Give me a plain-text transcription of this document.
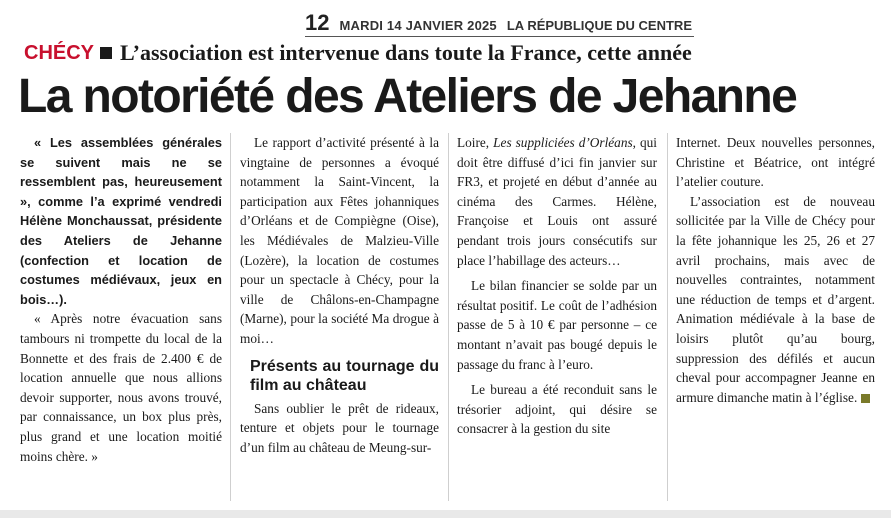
12 MARDI 14 JANVIER 2025 LA RÉPUBLIQUE DU CENTRE
CHÉCY L’association est intervenue dans toute la France, cette année
La notoriété des Ateliers de Jehanne

« Les assemblées générales se suivent mais ne se ressemblent pas, heureusement », comme l’a exprimé vendredi Hélène Monchaussat, présidente des Ateliers de Jehanne (confection et location de costumes médiévaux, jeux en bois…).

« Après notre évacuation sans tambours ni trompette du local de la Bonnette et des frais de 2.400 € de location annuelle que nous allions devoir supporter, nous avons trouvé, par connaissance, un box plus près, plus grand et une location moitié moins chère. »

Le rapport d’activité présenté à la vingtaine de personnes a évoqué notamment la Saint-Vincent, la participation aux Fêtes johanniques d’Orléans et de Compiègne (Oise), les Médiévales de Malzieu-Ville (Lozère), la location de costumes pour un spectacle à Chécy, pour la ville de Châlons-en-Champagne (Marne), pour la société Ma drogue à moi…

Présents au tournage du film au château

Sans oublier le prêt de rideaux, tenture et objets pour le tournage d’un film au château de Meung-sur-

Loire, Les suppliciées d’Orléans, qui doit être diffusé d’ici fin janvier sur FR3, et projeté en début d’année au cinéma des Carmes. Hélène, Françoise et Louis ont assuré pendant trois jours consécutifs sur place l’habillage des acteurs…

Le bilan financier se solde par un résultat positif. Le coût de l’adhésion passe de 5 à 10 € par personne – ce montant n’avait pas bougé depuis le passage du franc à l’euro.

Le bureau a été reconduit sans le trésorier adjoint, qui désire se consacrer à la gestion du site

Internet. Deux nouvelles personnes, Christine et Béatrice, ont intégré l’atelier couture.

L’association est de nouveau sollicitée par la Ville de Chécy pour la fête johannique les 25, 26 et 27 avril prochains, mais avec de nouvelles contraintes, notamment une réduction de temps et d’argent. Animation médiévale à la base de loisirs plutôt qu’au bourg, suppression des défilés et aucun cheval pour accompagner Jeanne en armure dimanche matin à l’église.
